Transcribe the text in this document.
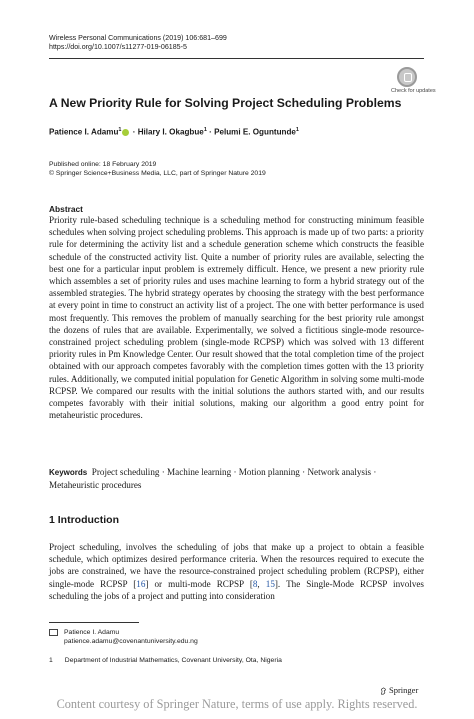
Wireless Personal Communications (2019) 106:681–699
https://doi.org/10.1007/s11277-019-06185-5
Check for updates
A New Priority Rule for Solving Project Scheduling Problems
Patience I. Adamu$^1$ · Hilary I. Okagbue$^1$ · Pelumi E. Oguntunde$^1$
Published online: 18 February 2019
© Springer Science+Business Media, LLC, part of Springer Nature 2019
Abstract

Priority rule-based scheduling technique is a scheduling method for constructing minimum feasible schedules when solving project scheduling problems. This approach is made up of two parts: a priority rule for determining the activity list and a schedule generation scheme which constructs the feasible schedule of the constructed activity list. Quite a number of priority rules are available, selecting the best one for a particular input problem is extremely difficult. Hence, we present a new priority rule which assembles a set of priority rules and uses machine learning to form a hybrid strategy out of the assembled strategies. The hybrid strategy operates by choosing the strategy with the best performance at every point in time to construct an activity list of a project. The one with better performance is used most frequently. This removes the problem of manually searching for the best priority rule amongst the dozens of rules that are available. Experimentally, we solved a fictitious single-mode resource-constrained project scheduling problem (single-mode RCPSP) which was solved with 13 different priority rules in Pm Knowledge Center. Our result showed that the total completion time of the project obtained with our approach competes favorably with the completion times gotten with the 13 priority rules. Additionally, we computed initial population for Genetic Algorithm in solving some multi-mode RCPSP. We compared our results with the initial solutions the authors started with, and our results competes favorably with their initial solutions, making our algorithm a good entry point for metaheuristic procedures.

Keywords Project scheduling · Machine learning · Motion planning · Network analysis · Metaheuristic procedures

1 Introduction

Project scheduling, involves the scheduling of jobs that make up a project to obtain a feasible schedule, which optimizes desired performance criteria. When the resources required to execute the jobs are constrained, we have the resource-constrained project scheduling problem (RCPSP), either single-mode RCPSP [16] or multi-mode RCPSP [8, 15]. The Single-Mode RCPSP involves scheduling the jobs of a project and putting into consideration

Patience I. Adamu
patience.adamu@covenantuniversity.edu.ng
1 Department of Industrial Mathematics, Covenant University, Ota, Nigeria
Springer
Content courtesy of Springer Nature, terms of use apply. Rights reserved.
